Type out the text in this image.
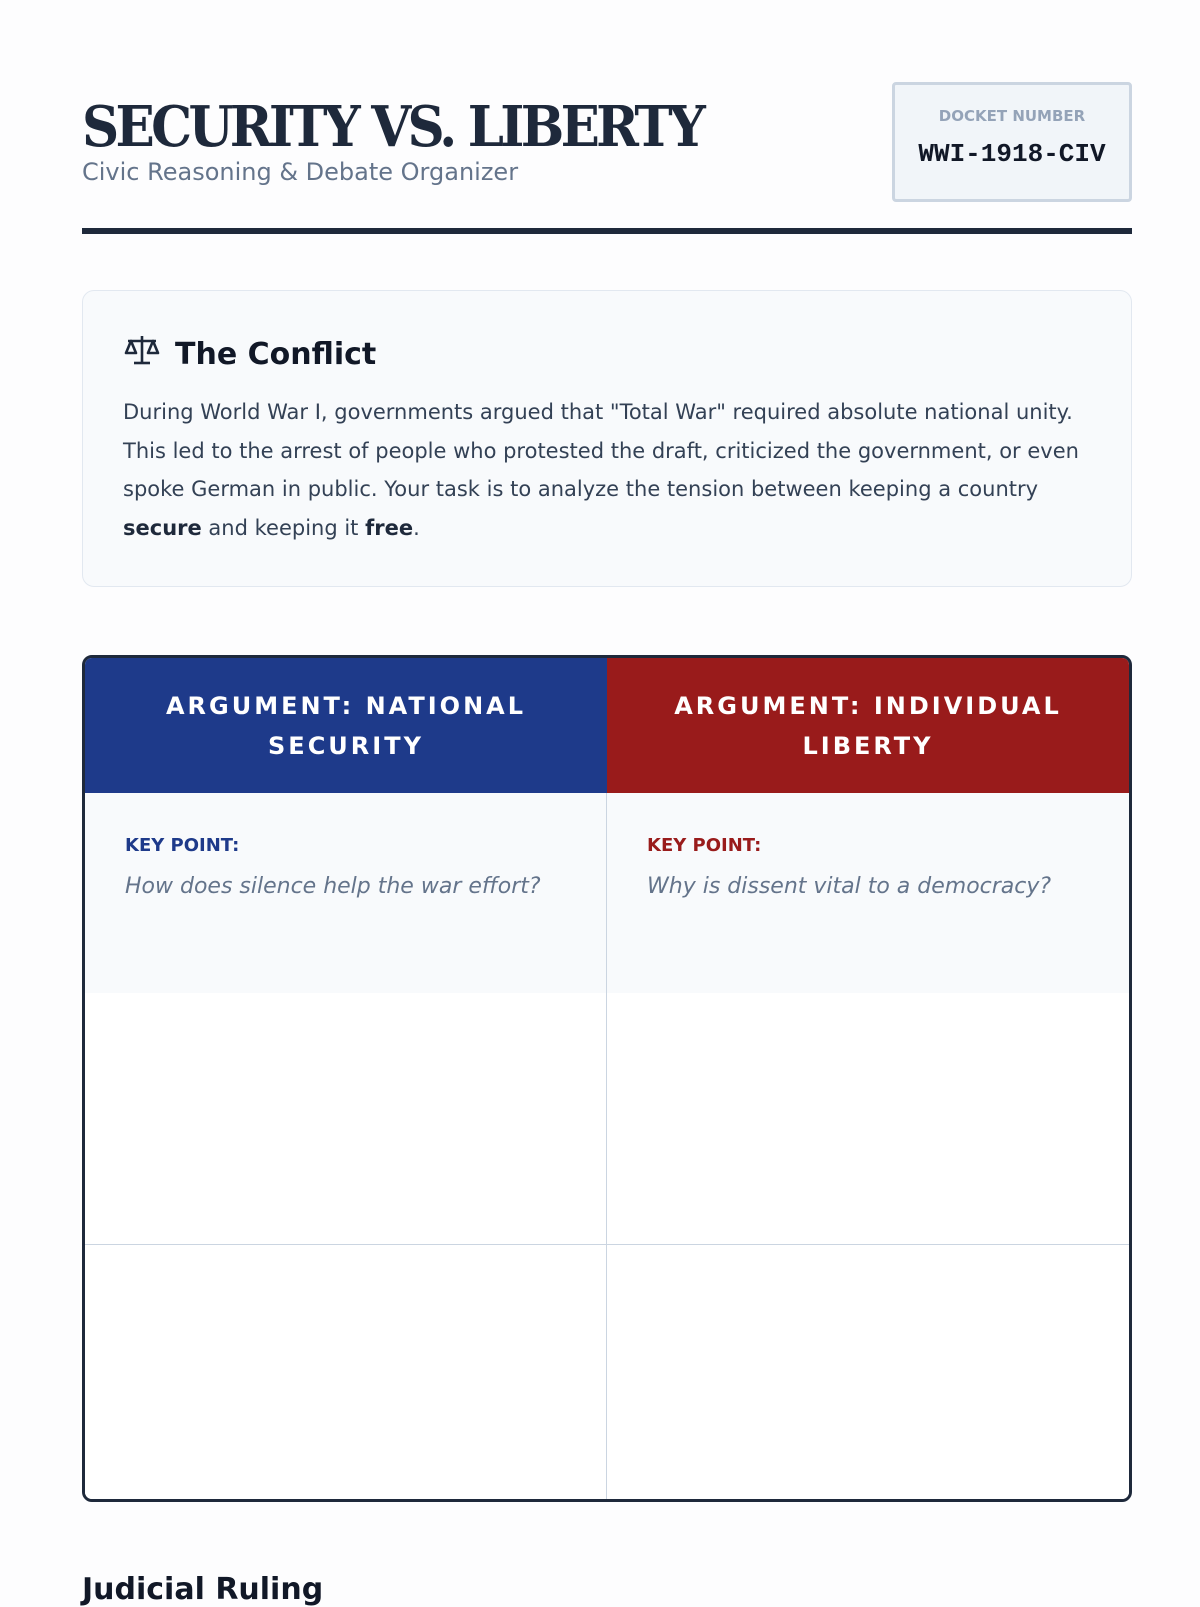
SECURITY VS. LIBERTY
Civic Reasoning & Debate Organizer
DOCKET NUMBER
WWI-1918-CIV
The Conflict

During World War I, governments argued that "Total War" required absolute national unity. This led to the arrest of people who protested the draft, criticized the government, or even spoke German in public. Your task is to analyze the tension between keeping a country secure and keeping it free.

ARGUMENT: NATIONAL SECURITY
ARGUMENT: INDIVIDUAL LIBERTY
KEY POINT:
How does silence help the war effort?
KEY POINT:
Why is dissent vital to a democracy?
Judicial Ruling
